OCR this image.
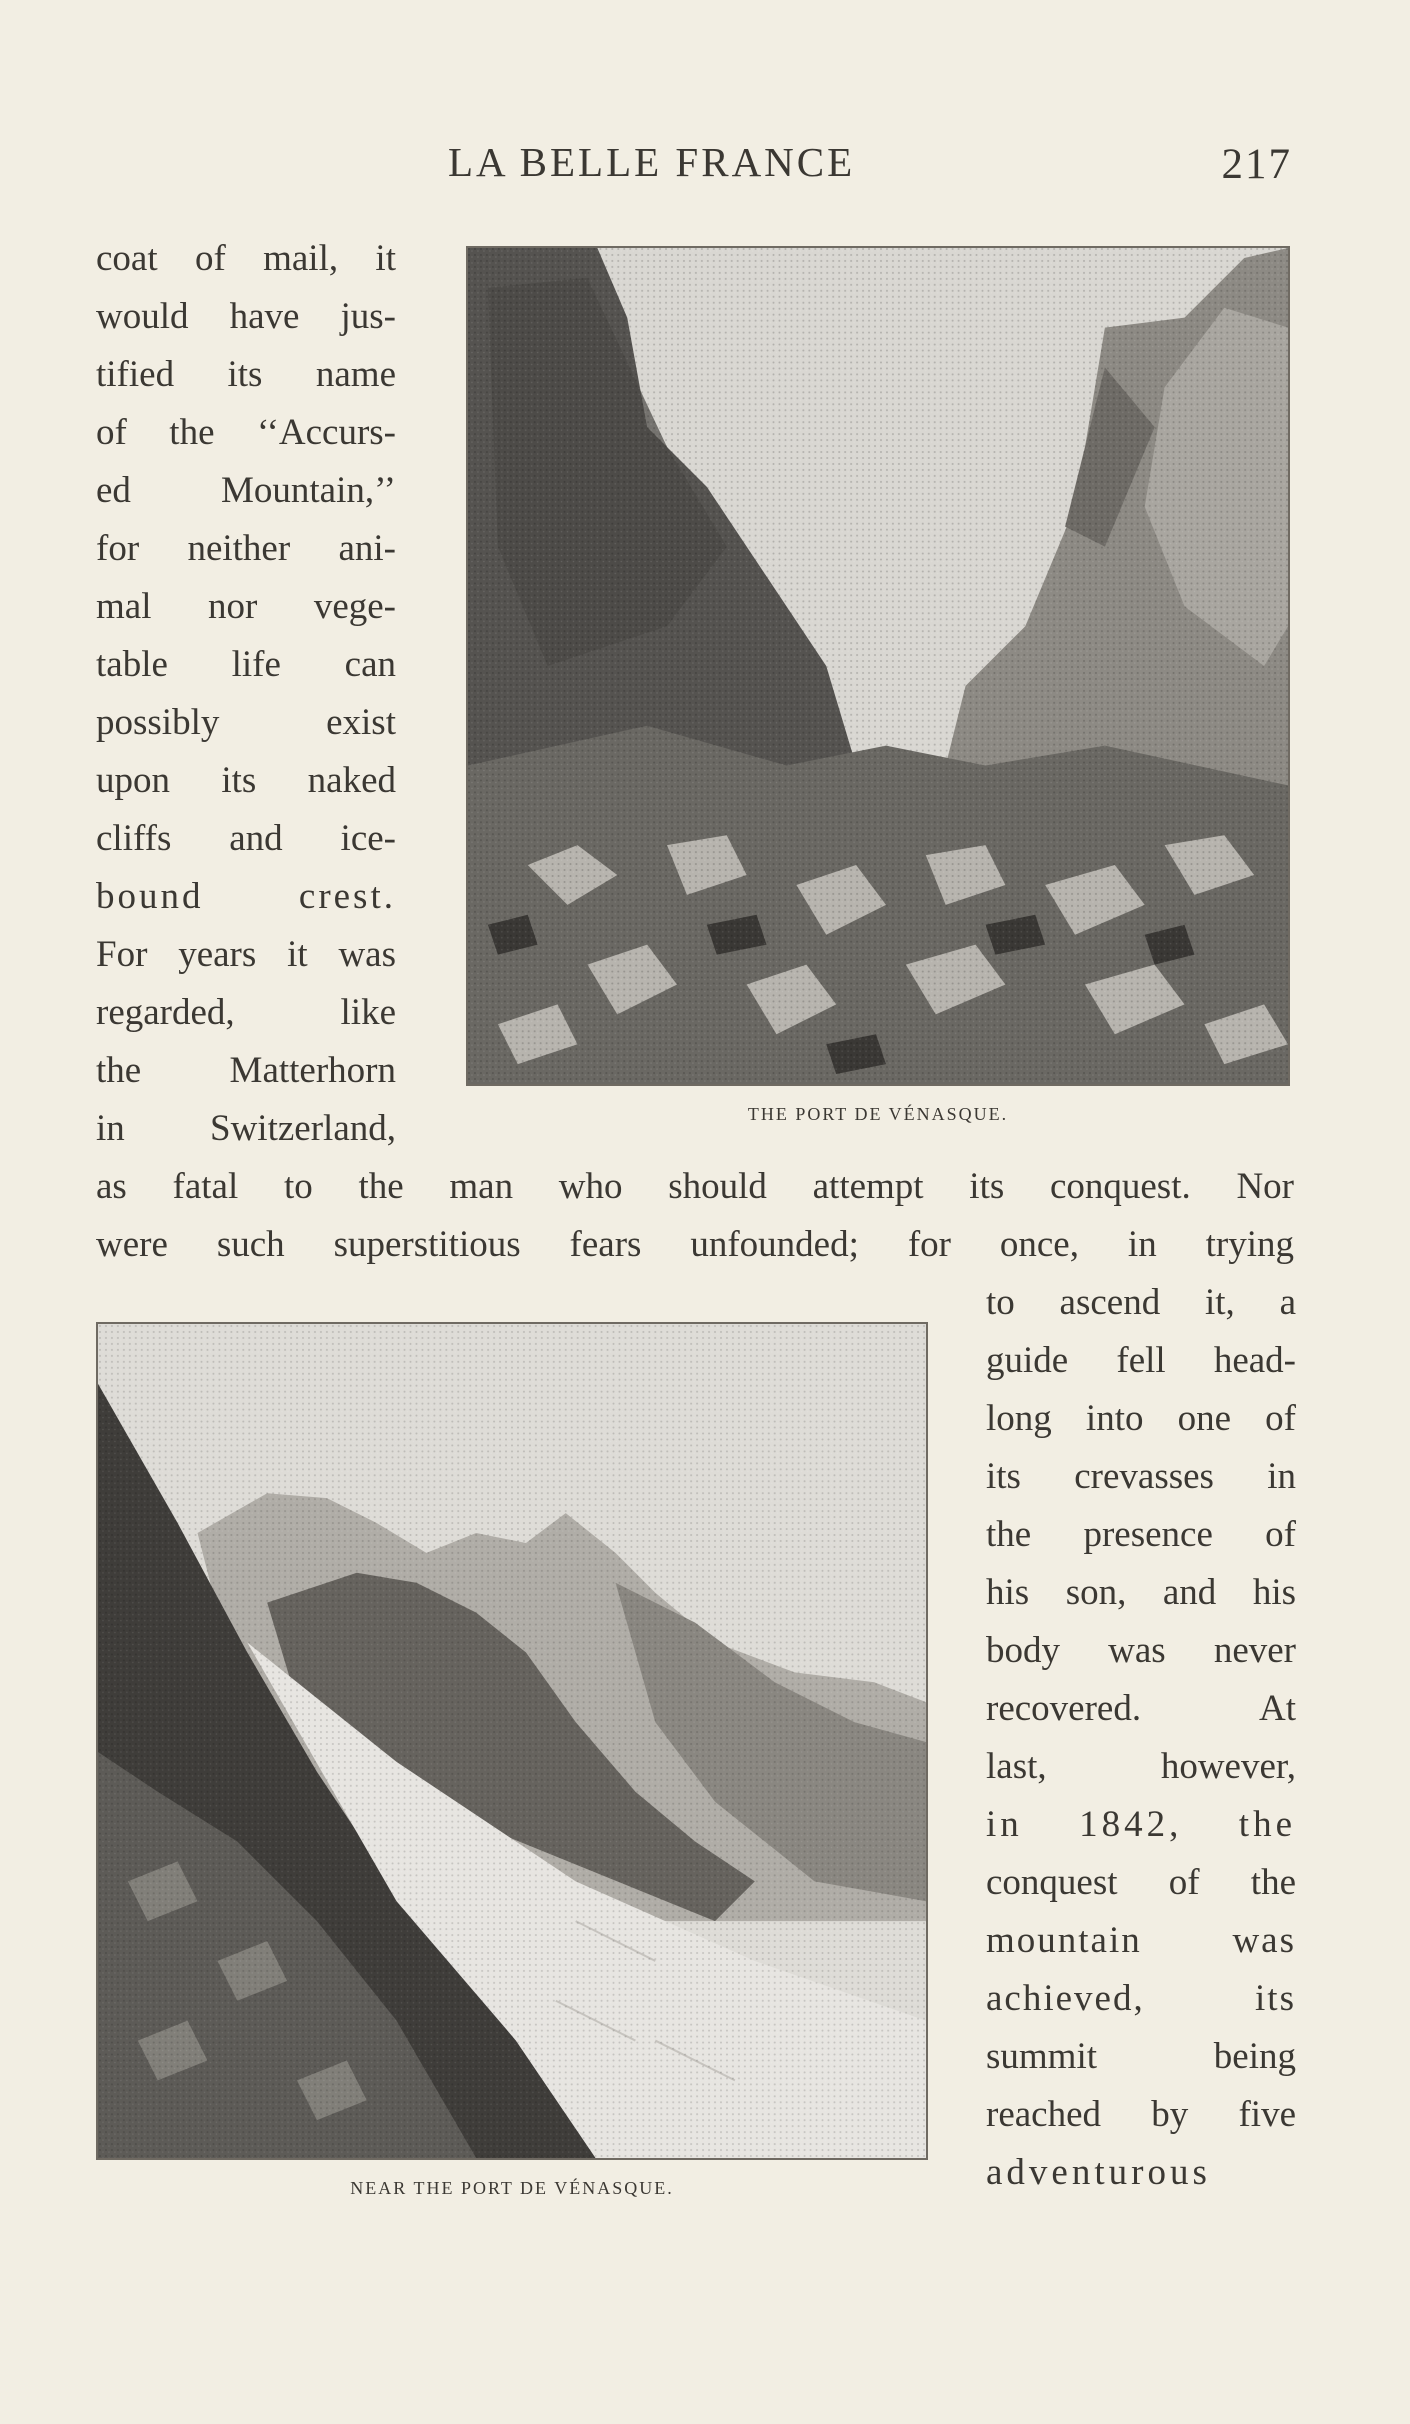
LA BELLE FRANCE	217
THE PORT DE VÉNASQUE.
NEAR THE PORT DE VÉNASQUE.
coat of mail, it
would have jus-
tified its name
of the ‘‘Accurs-
ed Mountain,’’
for neither ani-
mal nor vege-
table life can
possibly exist
upon its naked
cliffs and ice-
bound crest.
For years it was
regarded, like
the Matterhorn
in Switzerland,
as fatal to the man who should attempt its conquest. Nor
were such superstitious fears unfounded; for once, in trying
to ascend it, a
guide fell head-
long into one of
its crevasses in
the presence of
his son, and his
body was never
recovered. At
last, however,
in 1842, the
conquest of the
mountain was
achieved, its
summit being
reached by five
adventurous
